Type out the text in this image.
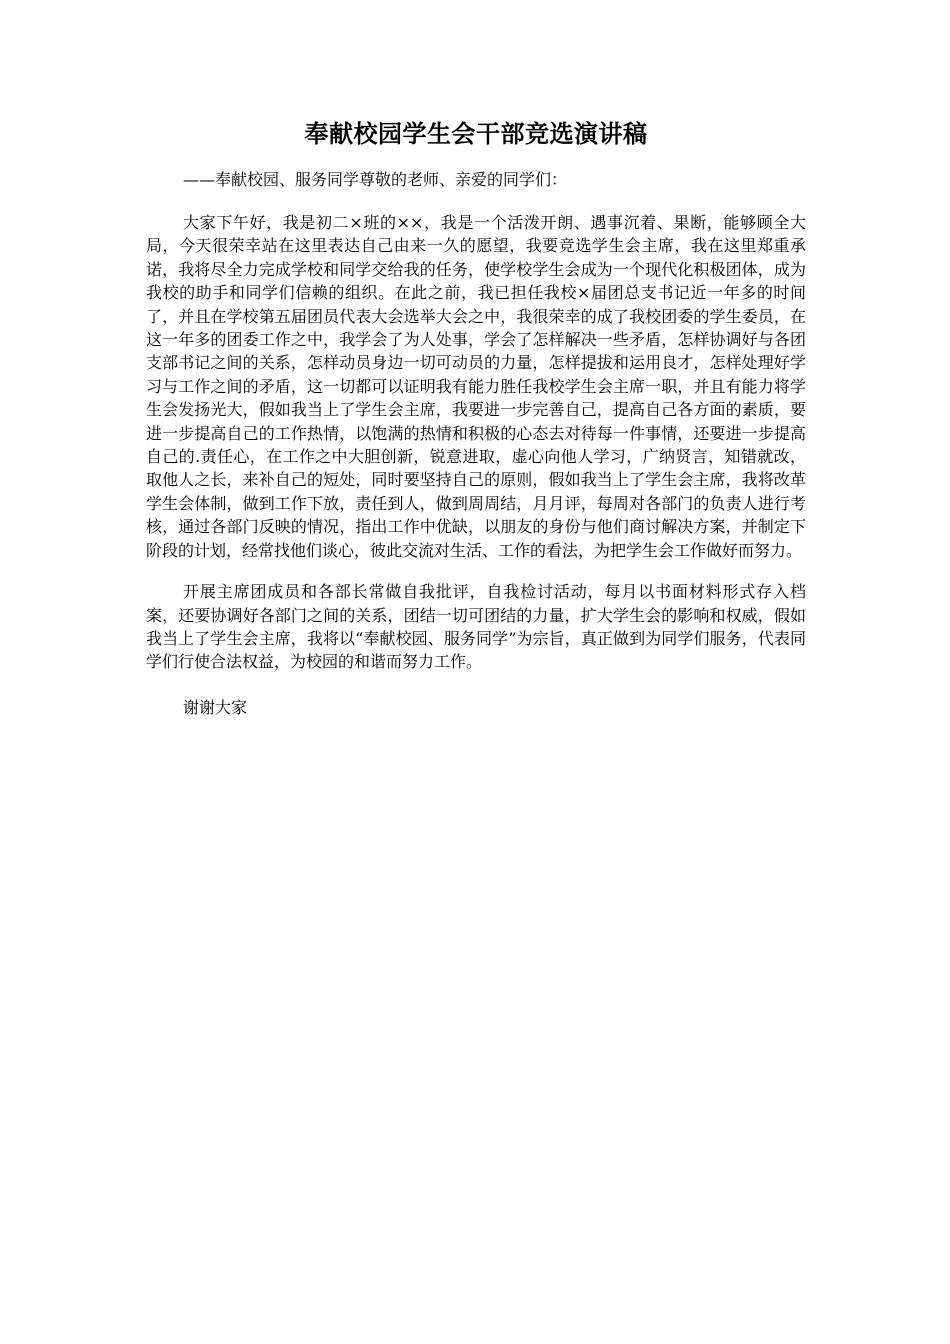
奉献校园学生会干部竞选演讲稿

——奉献校园、服务同学尊敬的老师、亲爱的同学们：

大家下午好，我是初二×班的××，我是一个活泼开朗、遇事沉着、果断，能够顾全大局，今天很荣幸站在这里表达自己由来一久的愿望，我要竞选学生会主席，我在这里郑重承诺，我将尽全力完成学校和同学交给我的任务，使学校学生会成为一个现代化积极团体，成为我校的助手和同学们信赖的组织。在此之前，我已担任我校×届团总支书记近一年多的时间了，并且在学校第五届团员代表大会选举大会之中，我很荣幸的成了我校团委的学生委员，在这一年多的团委工作之中，我学会了为人处事，学会了怎样解决一些矛盾，怎样协调好与各团支部书记之间的关系，怎样动员身边一切可动员的力量，怎样提拔和运用良才，怎样处理好学习与工作之间的矛盾，这一切都可以证明我有能力胜任我校学生会主席一职，并且有能力将学生会发扬光大，假如我当上了学生会主席，我要进一步完善自己，提高自己各方面的素质，要进一步提高自己的工作热情，以饱满的热情和积极的心态去对待每一件事情，还要进一步提高自己的.责任心，在工作之中大胆创新，锐意进取，虚心向他人学习，广纳贤言，知错就改，取他人之长，来补自己的短处，同时要坚持自己的原则，假如我当上了学生会主席，我将改革学生会体制，做到工作下放，责任到人，做到周周结，月月评，每周对各部门的负责人进行考核，通过各部门反映的情况，指出工作中优缺，以朋友的身份与他们商讨解决方案，并制定下阶段的计划，经常找他们谈心，彼此交流对生活、工作的看法，为把学生会工作做好而努力。

开展主席团成员和各部长常做自我批评，自我检讨活动，每月以书面材料形式存入档案，还要协调好各部门之间的关系，团结一切可团结的力量，扩大学生会的影响和权威，假如我当上了学生会主席，我将以“奉献校园、服务同学”为宗旨，真正做到为同学们服务，代表同学们行使合法权益，为校园的和谐而努力工作。

谢谢大家
